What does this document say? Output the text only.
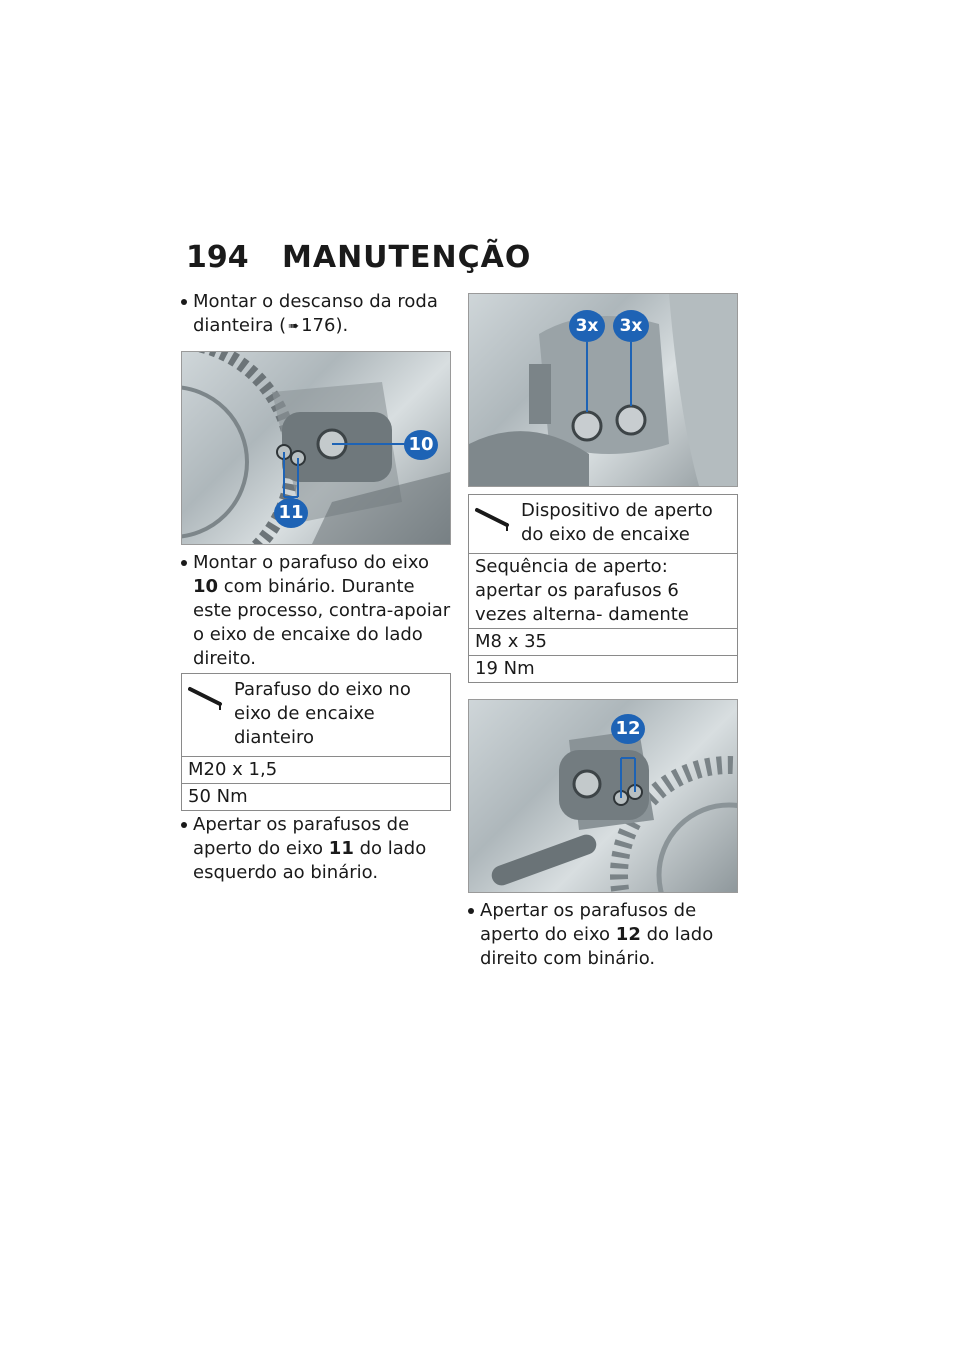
194	MANUTENÇÃO

Montar o descanso da roda dianteira ( ➠ 176).

10
11

Montar o parafuso do eixo 10 com binário. Durante este processo, contra-apoiar o eixo de encaixe do lado direito.

Parafuso do eixo no eixo de encaixe dianteiro
M20 x 1,5
50 Nm

Apertar os parafusos de aperto do eixo 11 do lado esquerdo ao binário.

3x	3x
Dispositivo de aperto do eixo de encaixe
Sequência de aperto: apertar os parafusos 6 vezes alterna- damente
M8 x 35
19 Nm
12

Apertar os parafusos de aperto do eixo 12 do lado direito com binário.
